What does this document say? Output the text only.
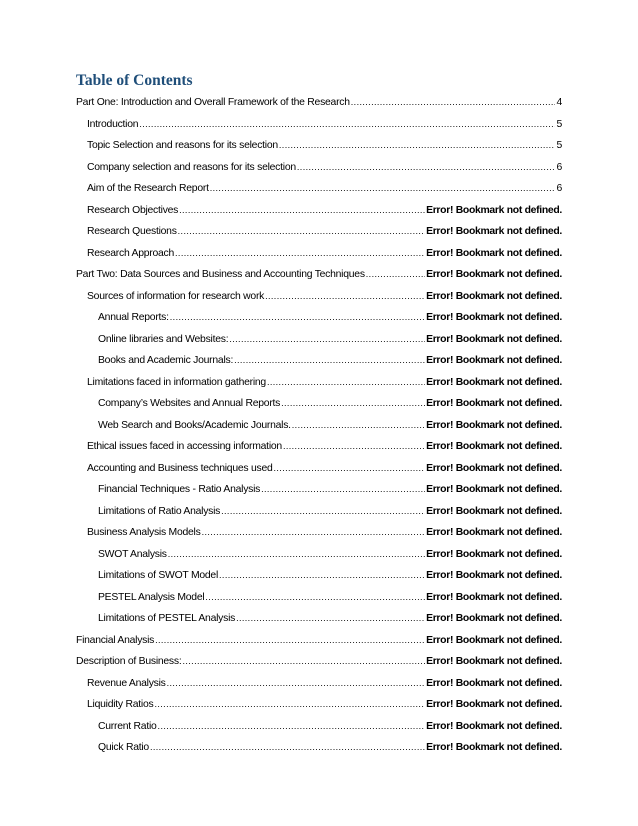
Table of Contents
Part One: Introduction and Overall Framework of the Research .....	4
Introduction .....	5
Topic Selection and reasons for its selection .....	5
Company selection and reasons for its selection .....	6
Aim of the Research Report .....	6
Research Objectives .....	Error! Bookmark not defined.
Research Questions .....	Error! Bookmark not defined.
Research Approach .....	Error! Bookmark not defined.
Part Two: Data Sources and Business and Accounting Techniques .....	Error! Bookmark not defined.
Sources of information for research work .....	Error! Bookmark not defined.
Annual Reports: .....	Error! Bookmark not defined.
Online libraries and Websites: .....	Error! Bookmark not defined.
Books and Academic Journals: .....	Error! Bookmark not defined.
Limitations faced in information gathering .....	Error! Bookmark not defined.
Company’s Websites and Annual Reports .....	Error! Bookmark not defined.
Web Search and Books/Academic Journals. .....	Error! Bookmark not defined.
Ethical issues faced in accessing information .....	Error! Bookmark not defined.
Accounting and Business techniques used .....	Error! Bookmark not defined.
Financial Techniques - Ratio Analysis .....	Error! Bookmark not defined.
Limitations of Ratio Analysis .....	Error! Bookmark not defined.
Business Analysis Models .....	Error! Bookmark not defined.
SWOT Analysis .....	Error! Bookmark not defined.
Limitations of SWOT Model .....	Error! Bookmark not defined.
PESTEL Analysis Model .....	Error! Bookmark not defined.
Limitations of PESTEL Analysis .....	Error! Bookmark not defined.
Financial Analysis .....	Error! Bookmark not defined.
Description of Business: .....	Error! Bookmark not defined.
Revenue Analysis .....	Error! Bookmark not defined.
Liquidity Ratios .....	Error! Bookmark not defined.
Current Ratio .....	Error! Bookmark not defined.
Quick Ratio .....	Error! Bookmark not defined.
